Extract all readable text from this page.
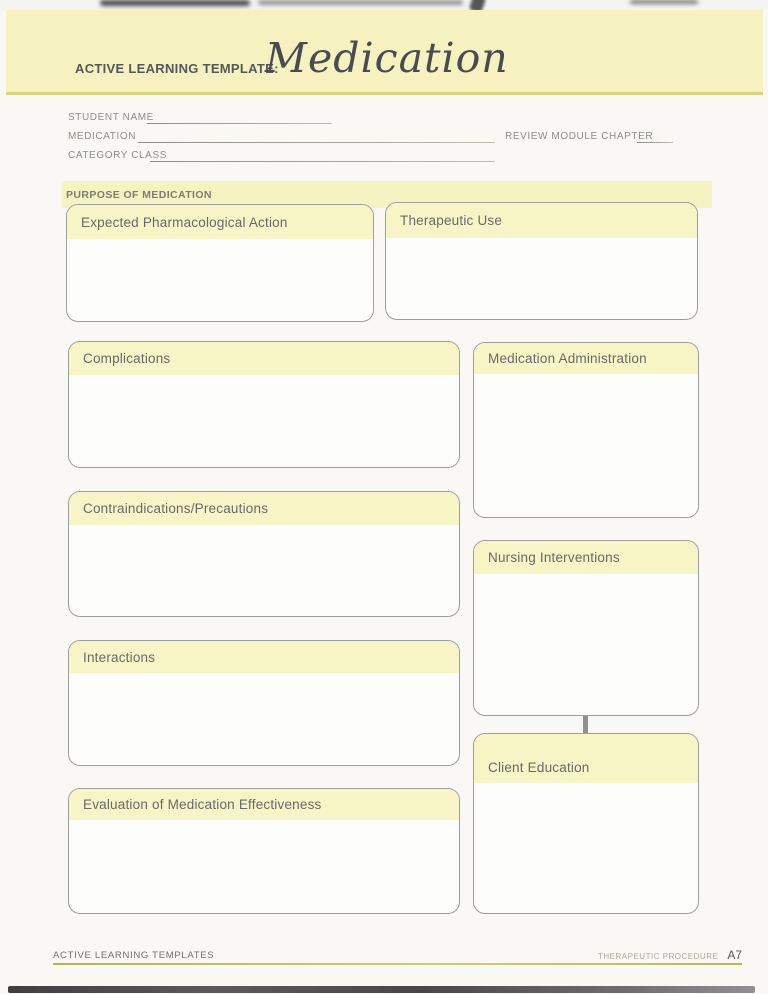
ACTIVE LEARNING TEMPLATE:
Medication
STUDENT NAME
MEDICATION	REVIEW MODULE CHAPTER
CATEGORY CLASS
PURPOSE OF MEDICATION
Expected Pharmacological Action	Therapeutic Use
Complications	Medication Administration
Contraindications/Precautions
Nursing Interventions
Interactions
Client Education
Evaluation of Medication Effectiveness
ACTIVE LEARNING TEMPLATES	THERAPEUTIC PROCEDURE A7
